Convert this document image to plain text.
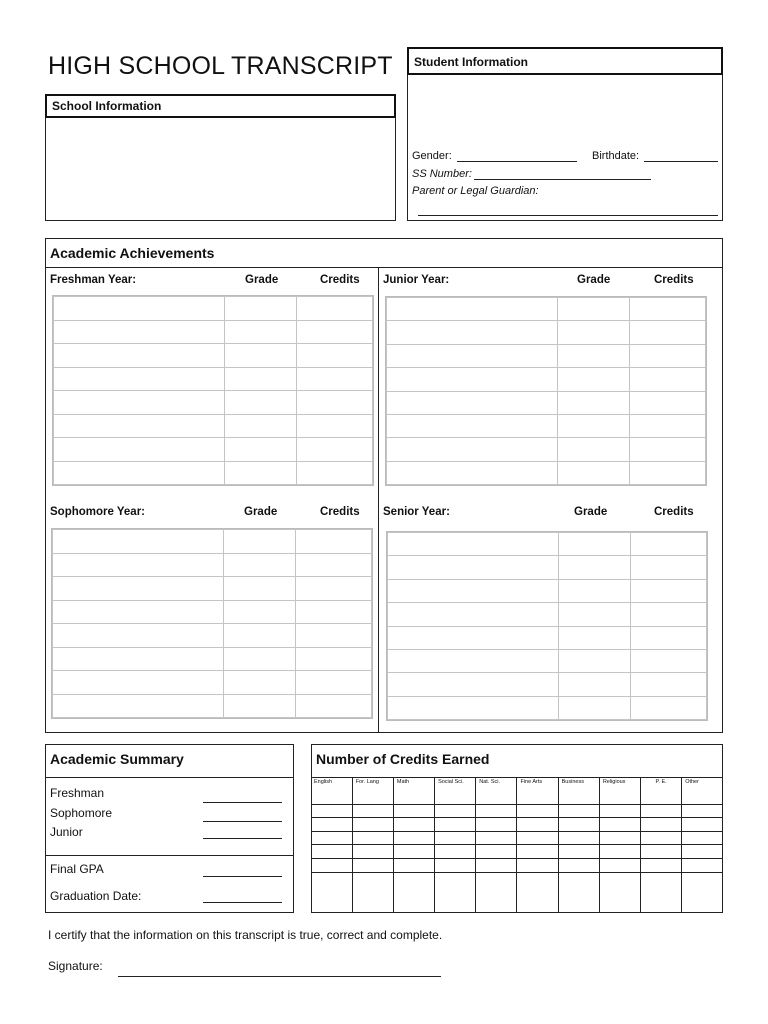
HIGH SCHOOL TRANSCRIPT
School Information
Student Information
Gender:	Birthdate:
SS Number:
Parent or Legal Guardian:
Academic Achievements
Freshman Year:	Grade	Credits

		Junior Year:	Grade	Credits

Sophomore Year:	Grade	Credits

		Senior Year:	Grade	Credits

Academic Summary
Freshman
Sophomore
Junior
Final GPA
Graduation Date:
Number of Credits Earned
English	For. Lang	Math	Social Sci.	Nat. Sci.	Fine Arts	Business	Religious	P. E.	Other

I certify that the information on this transcript is true, correct and complete.
Signature:
